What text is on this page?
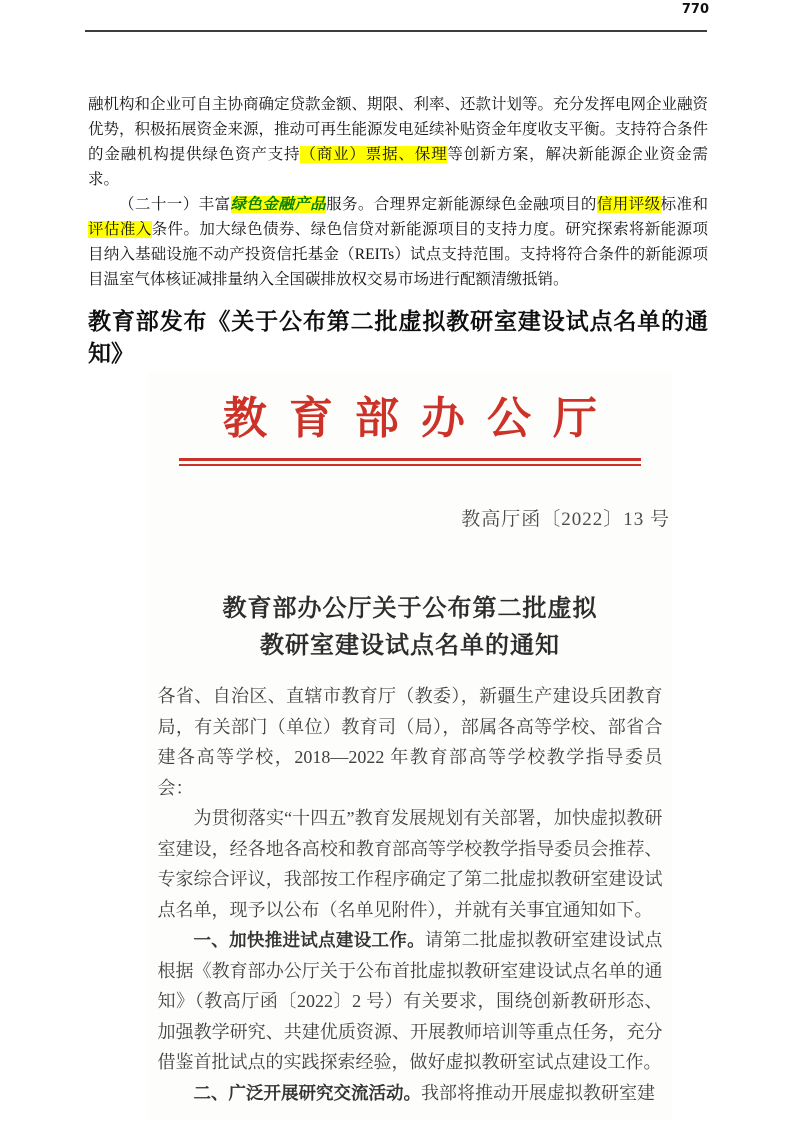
770

融机构和企业可自主协商确定贷款金额、期限、利率、还款计划等。充分发挥电网企业融资优势，积极拓展资金来源，推动可再生能源发电延续补贴资金年度收支平衡。支持符合条件的金融机构提供绿色资产支持（商业）票据、保理等创新方案，解决新能源企业资金需求。

（二十一）丰富绿色金融产品服务。合理界定新能源绿色金融项目的信用评级标准和评估准入条件。加大绿色债券、绿色信贷对新能源项目的支持力度。研究探索将新能源项目纳入基础设施不动产投资信托基金（REITs）试点支持范围。支持将符合条件的新能源项目温室气体核证减排量纳入全国碳排放权交易市场进行配额清缴抵销。

教育部发布《关于公布第二批虚拟教研室建设试点名单的通知》
教育部办公厅
教高厅函〔2022〕13 号
教育部办公厅关于公布第二批虚拟
教研室建设试点名单的通知

各省、自治区、直辖市教育厅（教委），新疆生产建设兵团教育局，有关部门（单位）教育司（局），部属各高等学校、部省合建各高等学校，2018—2022 年教育部高等学校教学指导委员会：

为贯彻落实“十四五”教育发展规划有关部署，加快虚拟教研室建设，经各地各高校和教育部高等学校教学指导委员会推荐、专家综合评议，我部按工作程序确定了第二批虚拟教研室建设试点名单，现予以公布（名单见附件），并就有关事宜通知如下。

一、加快推进试点建设工作。请第二批虚拟教研室建设试点根据《教育部办公厅关于公布首批虚拟教研室建设试点名单的通知》（教高厅函〔2022〕2 号）有关要求，围绕创新教研形态、加强教学研究、共建优质资源、开展教师培训等重点任务，充分借鉴首批试点的实践探索经验，做好虚拟教研室试点建设工作。

二、广泛开展研究交流活动。我部将推动开展虚拟教研室建
